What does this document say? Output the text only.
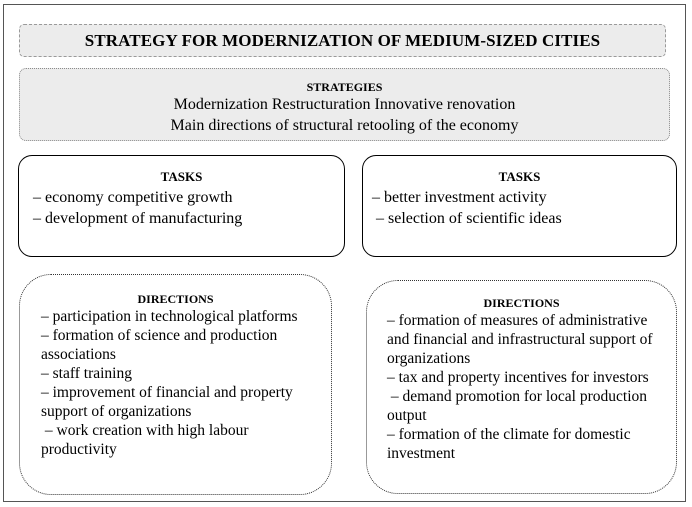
STRATEGY FOR MODERNIZATION OF MEDIUM-SIZED CITIES
STRATEGIES
Modernization Restructuration Innovative renovation
Main directions of structural retooling of the economy
TASKS
– economy competitive growth
– development of manufacturing
TASKS
– better investment activity
– selection of scientific ideas
DIRECTIONS
– participation in technological platforms
– formation of science and production associations
– staff training
– improvement of financial and property support of organizations
– work creation with high labour productivity
DIRECTIONS
– formation of measures of administrative and financial and infrastructural support of organizations
– tax and property incentives for investors
– demand promotion for local production output
– formation of the climate for domestic investment
